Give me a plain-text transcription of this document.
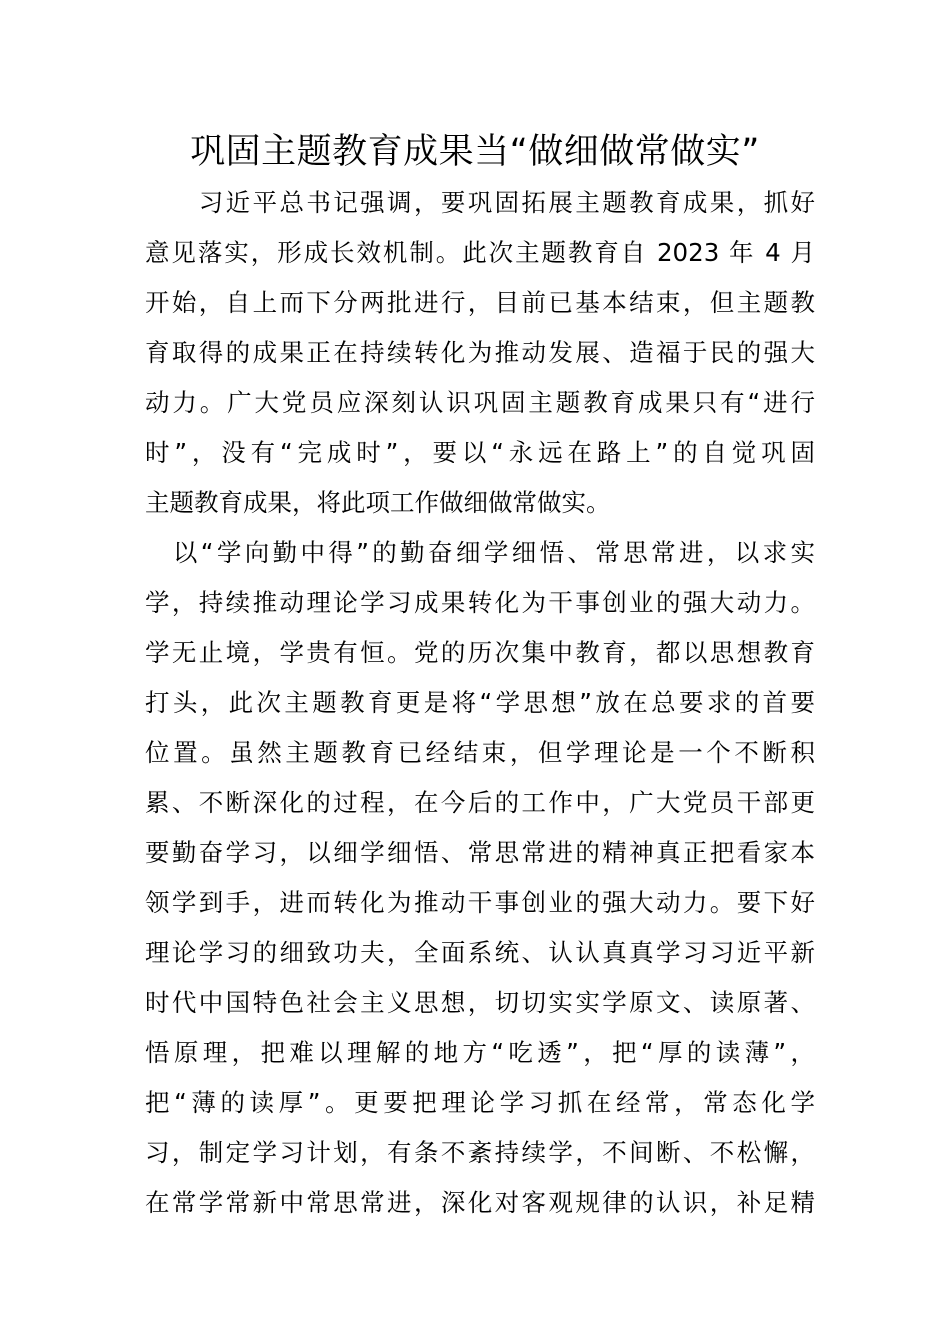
巩固主题教育成果当“做细做常做实”
　　习近平总书记强调，要巩固拓展主题教育成果，抓好
意见落实，形成长效机制。此次主题教育自 2023 年 4 月
开始，自上而下分两批进行，目前已基本结束，但主题教
育取得的成果正在持续转化为推动发展、造福于民的强大
动力。广大党员应深刻认识巩固主题教育成果只有“进行
时”，没有“完成时”，要以“永远在路上”的自觉巩固
主题教育成果，将此项工作做细做常做实。
　以“学向勤中得”的勤奋细学细悟、常思常进，以求实
学，持续推动理论学习成果转化为干事创业的强大动力。
学无止境，学贵有恒。党的历次集中教育，都以思想教育
打头，此次主题教育更是将“学思想”放在总要求的首要
位置。虽然主题教育已经结束，但学理论是一个不断积
累、不断深化的过程，在今后的工作中，广大党员干部更
要勤奋学习，以细学细悟、常思常进的精神真正把看家本
领学到手，进而转化为推动干事创业的强大动力。要下好
理论学习的细致功夫，全面系统、认认真真学习习近平新
时代中国特色社会主义思想，切切实实学原文、读原著、
悟原理，把难以理解的地方“吃透”，把“厚的读薄”，
把“薄的读厚”。更要把理论学习抓在经常，常态化学
习，制定学习计划，有条不紊持续学，不间断、不松懈，
在常学常新中常思常进，深化对客观规律的认识，补足精
